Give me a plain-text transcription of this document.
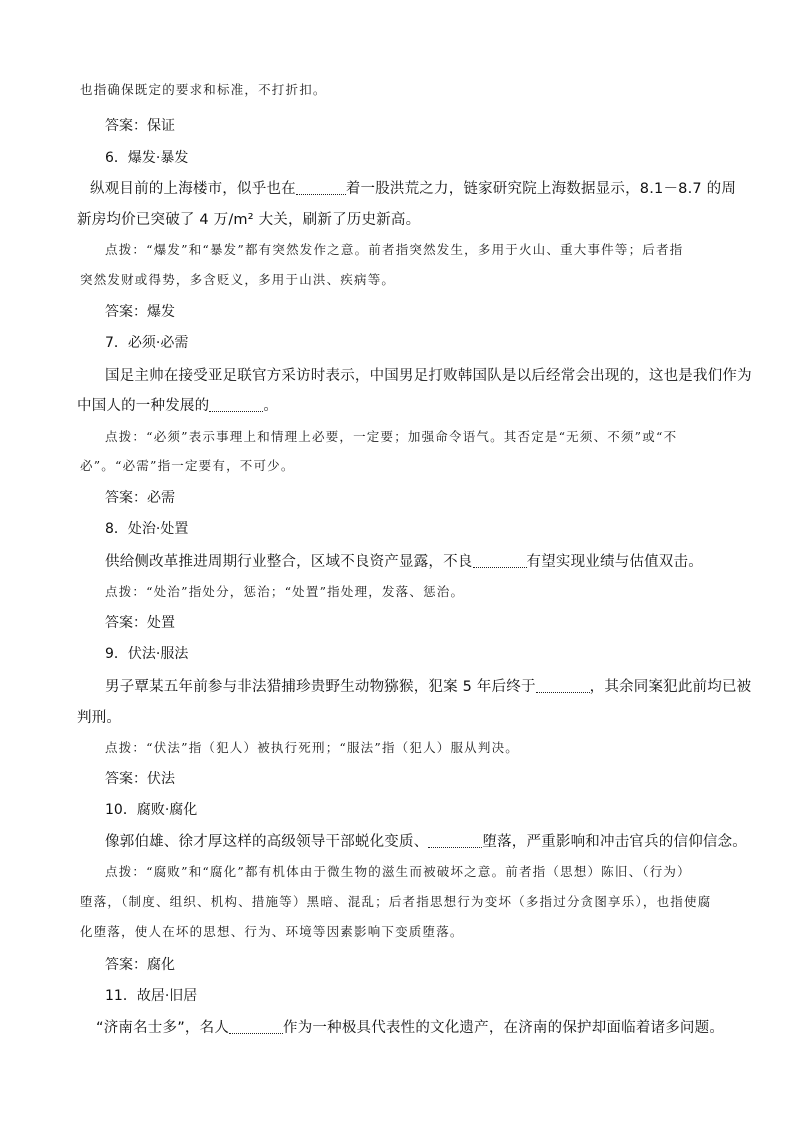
也指确保既定的要求和标准，不打折扣。
答案：保证
6．爆发·暴发
纵观目前的上海楼市，似乎也在	着一股洪荒之力，链家研究院上海数据显示，8.1－8.7 的周
新房均价已突破了 4 万/m² 大关，刷新了历史新高。
点拨：“爆发”和“暴发”都有突然发作之意。前者指突然发生，多用于火山、重大事件等；后者指
突然发财或得势，多含贬义，多用于山洪、疾病等。
答案：爆发
7．必须·必需
国足主帅在接受亚足联官方采访时表示，中国男足打败韩国队是以后经常会出现的，这也是我们作为
中国人的一种发展的	。
点拨：“必须”表示事理上和情理上必要，一定要；加强命令语气。其否定是“无须、不须”或“不
必”。“必需”指一定要有，不可少。
答案：必需
8．处治·处置
供给侧改革推进周期行业整合，区域不良资产显露，不良	有望实现业绩与估值双击。
点拨：“处治”指处分，惩治；“处置”指处理，发落、惩治。
答案：处置
9．伏法·服法
男子覃某五年前参与非法猎捕珍贵野生动物猕猴，犯案 5 年后终于	，其余同案犯此前均已被
判刑。
点拨：“伏法”指（犯人）被执行死刑；“服法”指（犯人）服从判决。
答案：伏法
10．腐败·腐化
像郭伯雄、徐才厚这样的高级领导干部蜕化变质、	堕落，严重影响和冲击官兵的信仰信念。
点拨：“腐败”和“腐化”都有机体由于微生物的滋生而被破坏之意。前者指（思想）陈旧、（行为）
堕落，（制度、组织、机构、措施等）黑暗、混乱；后者指思想行为变坏（多指过分贪图享乐），也指使腐
化堕落，使人在坏的思想、行为、环境等因素影响下变质堕落。
答案：腐化
11．故居·旧居
“济南名士多”，名人	作为一种极具代表性的文化遗产，在济南的保护却面临着诸多问题。
